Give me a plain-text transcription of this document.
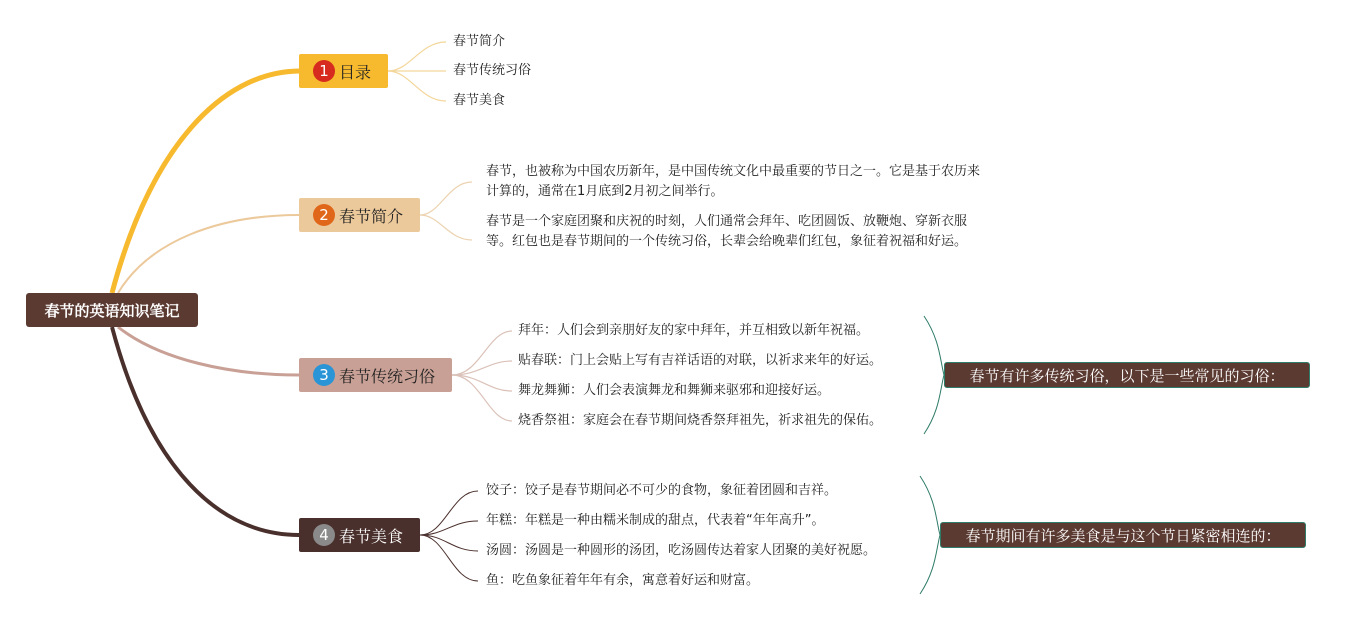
春节的英语知识笔记
1 目录
春节简介
春节传统习俗
春节美食
2 春节简介

春节，也被称为中国农历新年，是中国传统文化中最重要的节日之一。它是基于农历来计算的，通常在1月底到2月初之间举行。

春节是一个家庭团聚和庆祝的时刻，人们通常会拜年、吃团圆饭、放鞭炮、穿新衣服等。红包也是春节期间的一个传统习俗，长辈会给晚辈们红包，象征着祝福和好运。

3 春节传统习俗
拜年：人们会到亲朋好友的家中拜年，并互相致以新年祝福。
贴春联：门上会贴上写有吉祥话语的对联，以祈求来年的好运。
舞龙舞狮：人们会表演舞龙和舞狮来驱邪和迎接好运。
烧香祭祖：家庭会在春节期间烧香祭拜祖先，祈求祖先的保佑。
春节有许多传统习俗，以下是一些常见的习俗：
4 春节美食
饺子：饺子是春节期间必不可少的食物，象征着团圆和吉祥。
年糕：年糕是一种由糯米制成的甜点，代表着“年年高升”。
汤圆：汤圆是一种圆形的汤团，吃汤圆传达着家人团聚的美好祝愿。
鱼：吃鱼象征着年年有余，寓意着好运和财富。
春节期间有许多美食是与这个节日紧密相连的：
